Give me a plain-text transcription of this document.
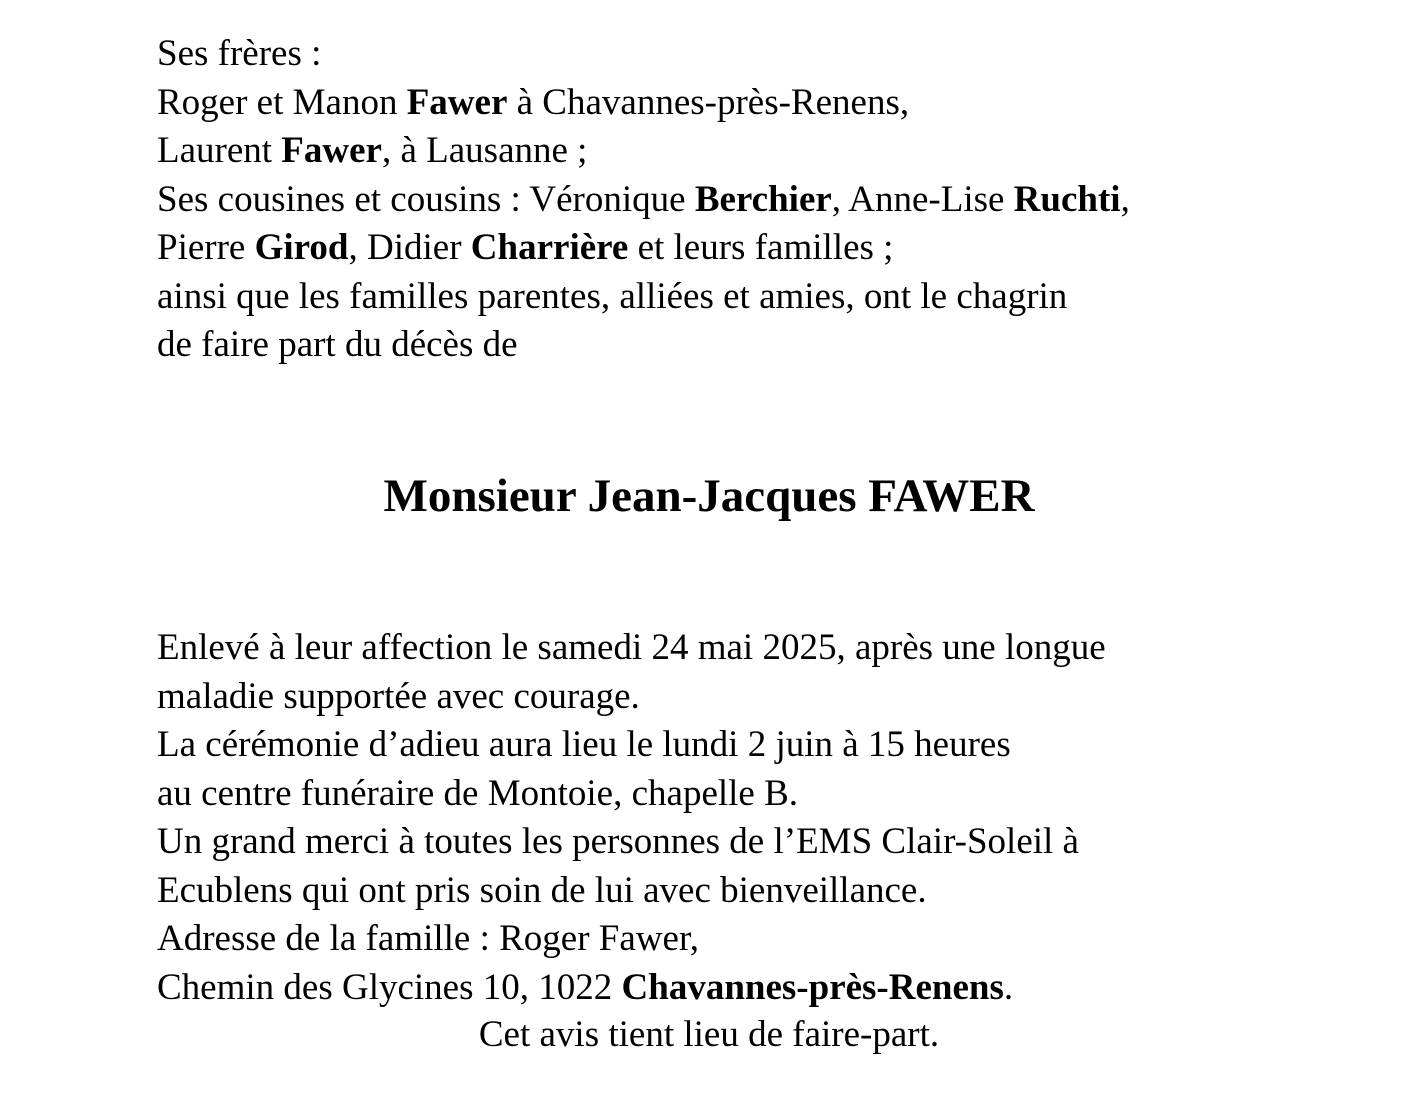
Ses frères :
Roger et Manon Fawer à Chavannes-près-Renens,
Laurent Fawer, à Lausanne ;
Ses cousines et cousins : Véronique Berchier, Anne-Lise Ruchti,
Pierre Girod, Didier Charrière et leurs familles ;
ainsi que les familles parentes, alliées et amies, ont le chagrin
de faire part du décès de
Monsieur Jean-Jacques FAWER
Enlevé à leur affection le samedi 24 mai 2025, après une longue
maladie supportée avec courage.
La cérémonie d’adieu aura lieu le lundi 2 juin à 15 heures
au centre funéraire de Montoie, chapelle B.
Un grand merci à toutes les personnes de l’EMS Clair-Soleil à
Ecublens qui ont pris soin de lui avec bienveillance.
Adresse de la famille : Roger Fawer,
Chemin des Glycines 10, 1022 Chavannes-près-Renens.
Cet avis tient lieu de faire-part.
